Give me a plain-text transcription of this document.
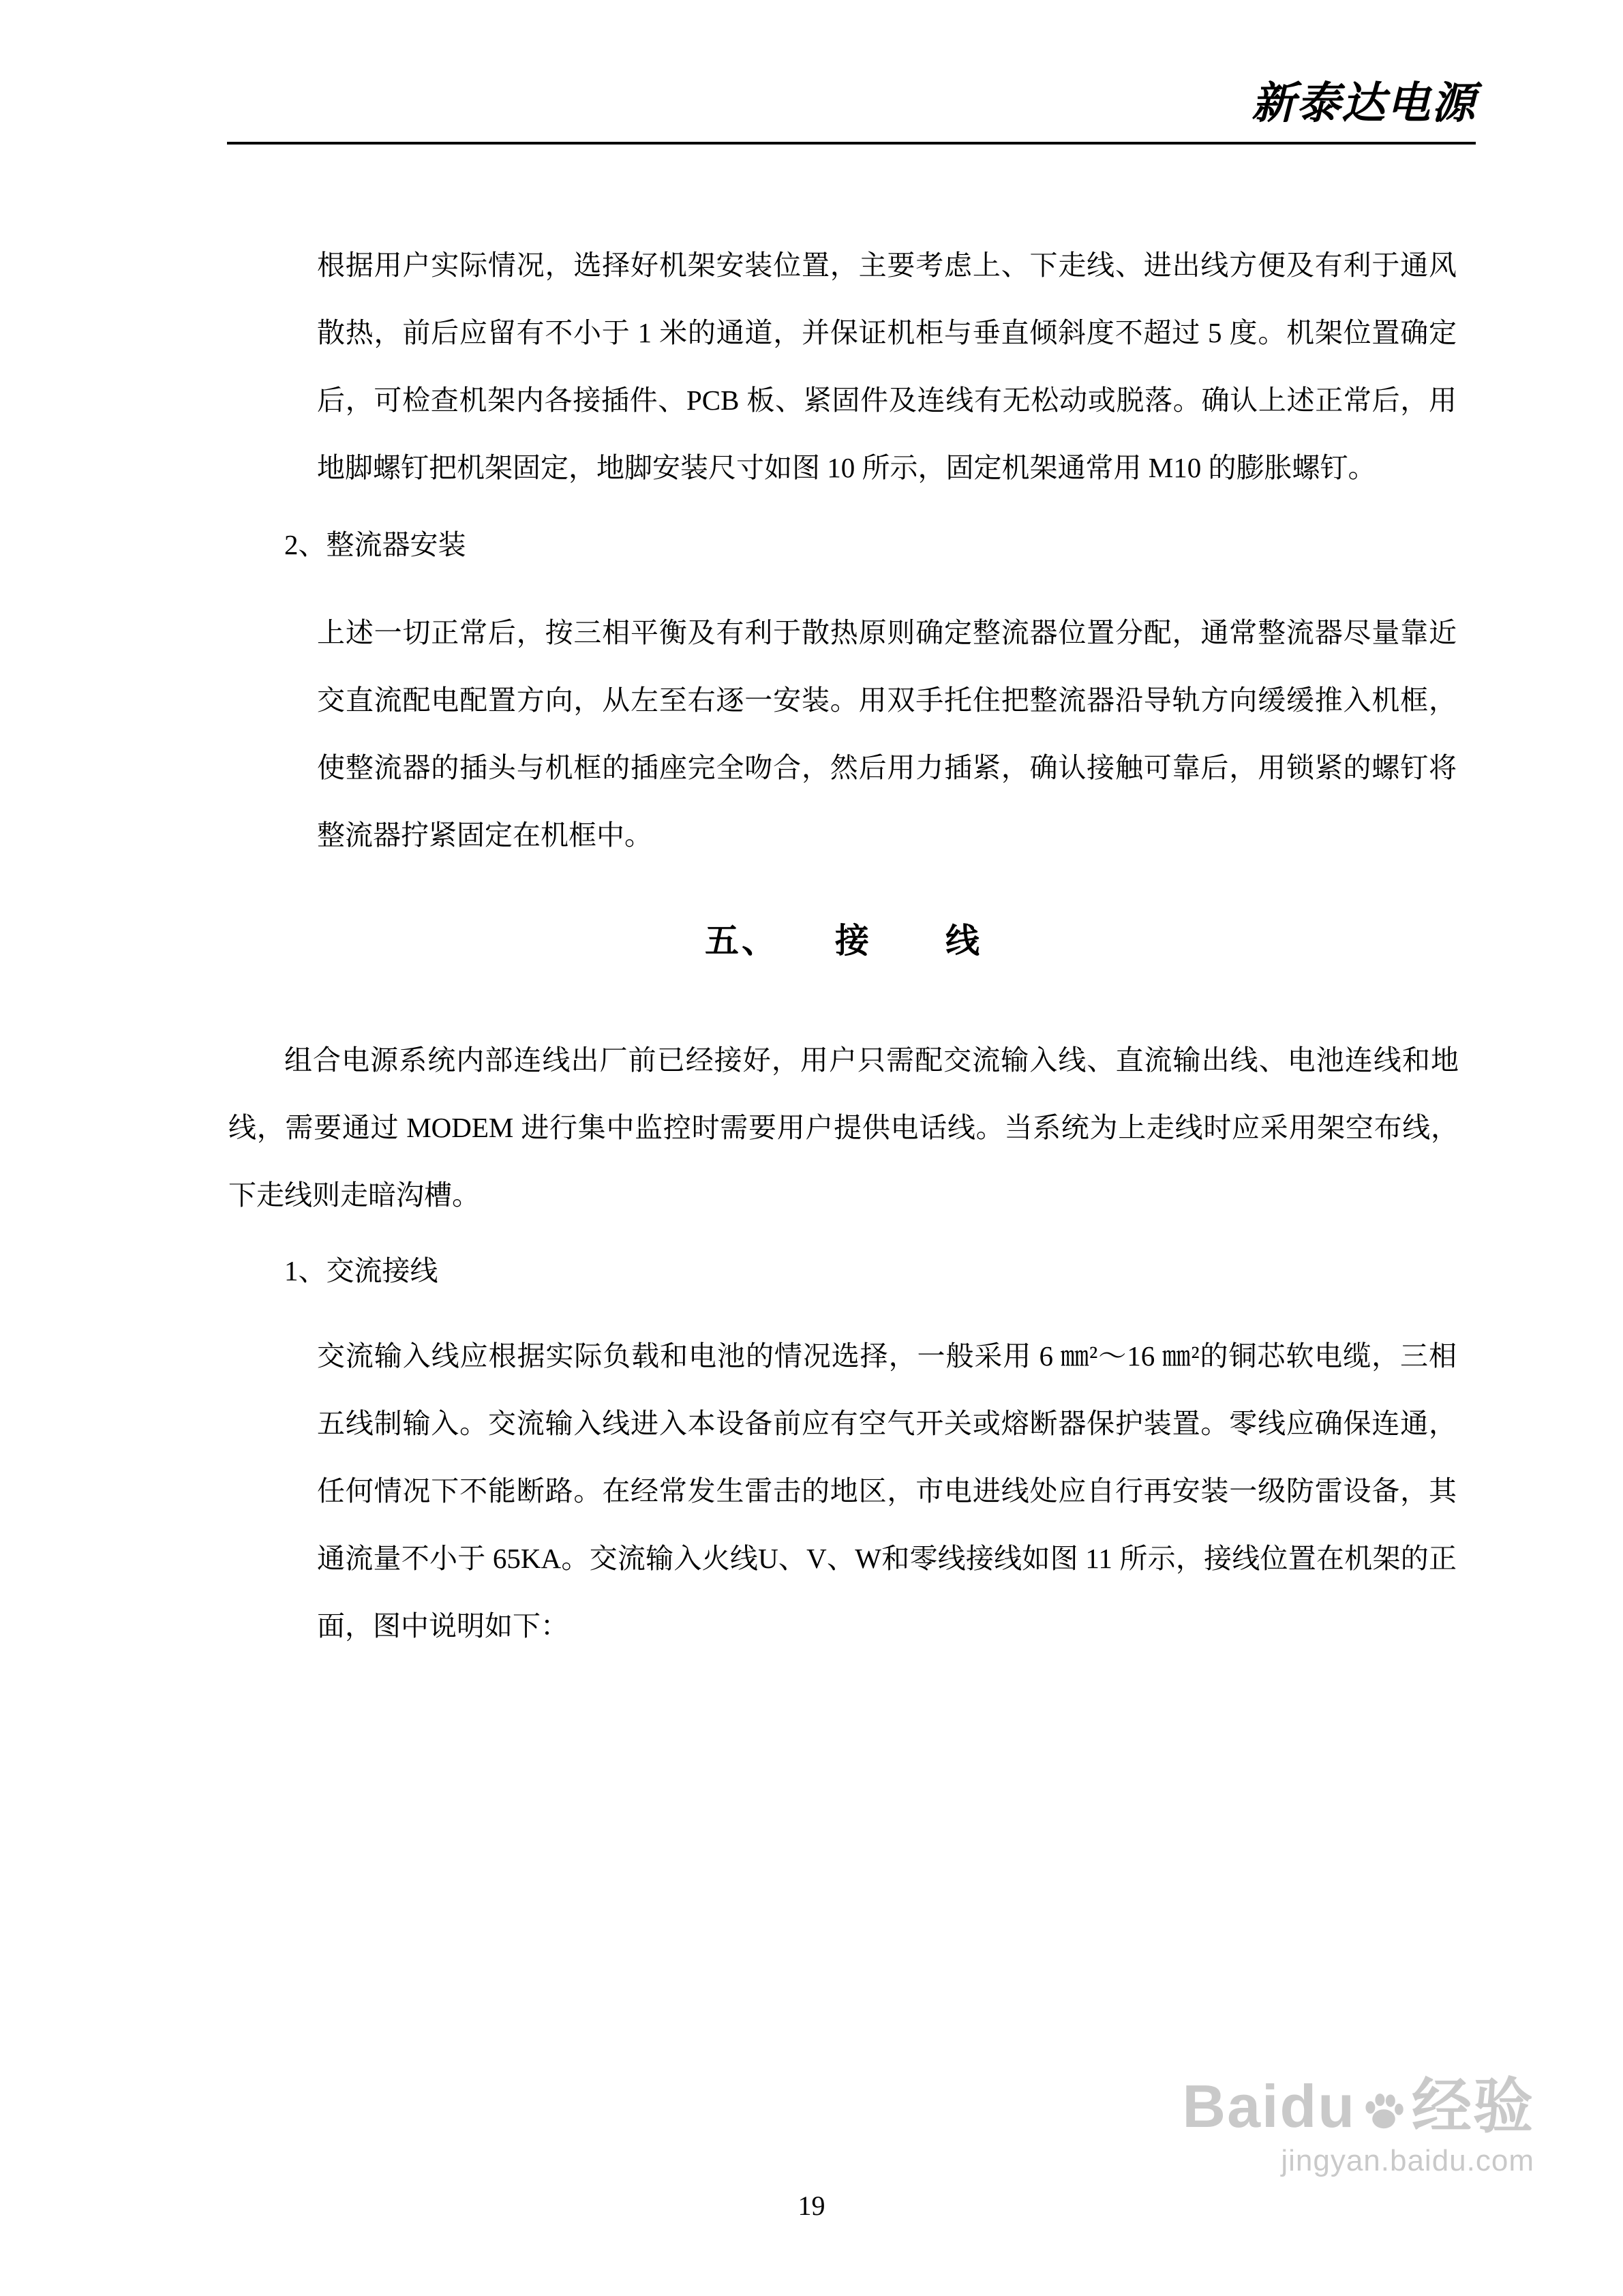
新泰达电源

根据用户实际情况，选择好机架安装位置，主要考虑上、下走线、进出线方便及有利于通风散热，前后应留有不小于 1 米的通道，并保证机柜与垂直倾斜度不超过 5 度。机架位置确定后，可检查机架内各接插件、PCB 板、紧固件及连线有无松动或脱落。确认上述正常后，用地脚螺钉把机架固定，地脚安装尺寸如图 10 所示，固定机架通常用 M10 的膨胀螺钉。

2、整流器安装

上述一切正常后，按三相平衡及有利于散热原则确定整流器位置分配，通常整流器尽量靠近交直流配电配置方向，从左至右逐一安装。用双手托住把整流器沿导轨方向缓缓推入机框，使整流器的插头与机框的插座完全吻合，然后用力插紧，确认接触可靠后，用锁紧的螺钉将整流器拧紧固定在机框中。

五、　　接　　线

组合电源系统内部连线出厂前已经接好，用户只需配交流输入线、直流输出线、电池连线和地线，需要通过 MODEM 进行集中监控时需要用户提供电话线。当系统为上走线时应采用架空布线，下走线则走暗沟槽。

1、交流接线

交流输入线应根据实际负载和电池的情况选择，一般采用 6 ㎜²～16 ㎜²的铜芯软电缆，三相五线制输入。交流输入线进入本设备前应有空气开关或熔断器保护装置。零线应确保连通，任何情况下不能断路。在经常发生雷击的地区，市电进线处应自行再安装一级防雷设备，其通流量不小于 65KA。交流输入火线U、V、W和零线接线如图 11 所示，接线位置在机架的正面，图中说明如下：

19
Baidu 经验
jingyan.baidu.com
